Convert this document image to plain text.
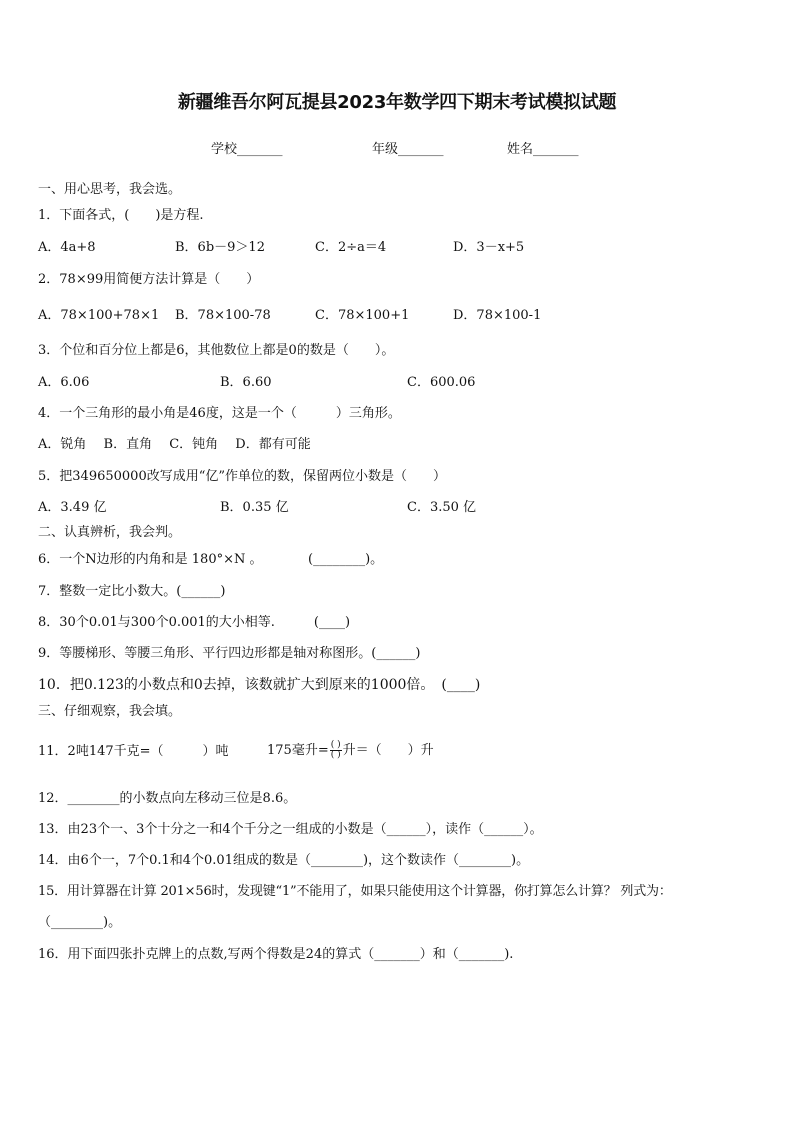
新疆维吾尔阿瓦提县2023年数学四下期末考试模拟试题
学校_______	年级_______	姓名_______
一、用心思考，我会选。
1．下面各式，(　　)是方程.
A．4a+8	B．6b－9＞12	C．2÷a＝4	D．3－x+5
2．78×99用简便方法计算是（　　）
A．78×100+78×1 B．78×100-78	C．78×100+1	D．78×100-1
3．个位和百分位上都是6，其他数位上都是0的数是（　　）。
A．6.06	B．6.60	C．600.06
4．一个三角形的最小角是46度，这是一个（　　　）三角形。
A．锐角　 B．直角　 C．钝角　 D．都有可能
5．把349650000改写成用“亿”作单位的数，保留两位小数是（　　）
A．3.49 亿	B．0.35 亿	C．3.50 亿
二、认真辨析，我会判。
6．一个N边形的内角和是 180°×N 。　　　　(________)。
7．整数一定比小数大。(______)
8．30个0.01与300个0.001的大小相等.　　　(____)
9．等腰梯形、等腰三角形、平行四边形都是轴对称图形。(______)
10．把0.123的小数点和0去掉，该数就扩大到原来的1000倍。　(____)
三、仔细观察，我会填。
11．2吨147千克=（　　　）吨	175毫升= $\frac{( )}{( )}$ 升＝（　　）升
12．________的小数点向左移动三位是8.6。
13．由23个一、3个十分之一和4个千分之一组成的小数是（______），读作（______）。
14．由6个一，7个0.1和4个0.01组成的数是（________)，这个数读作（________)。
15．用计算器在计算 201×56时，发现键“1”不能用了，如果只能使用这个计算器，你打算怎么计算？ 列式为：
（________)。
16．用下面四张扑克牌上的点数,写两个得数是24的算式（_______）和（_______).
